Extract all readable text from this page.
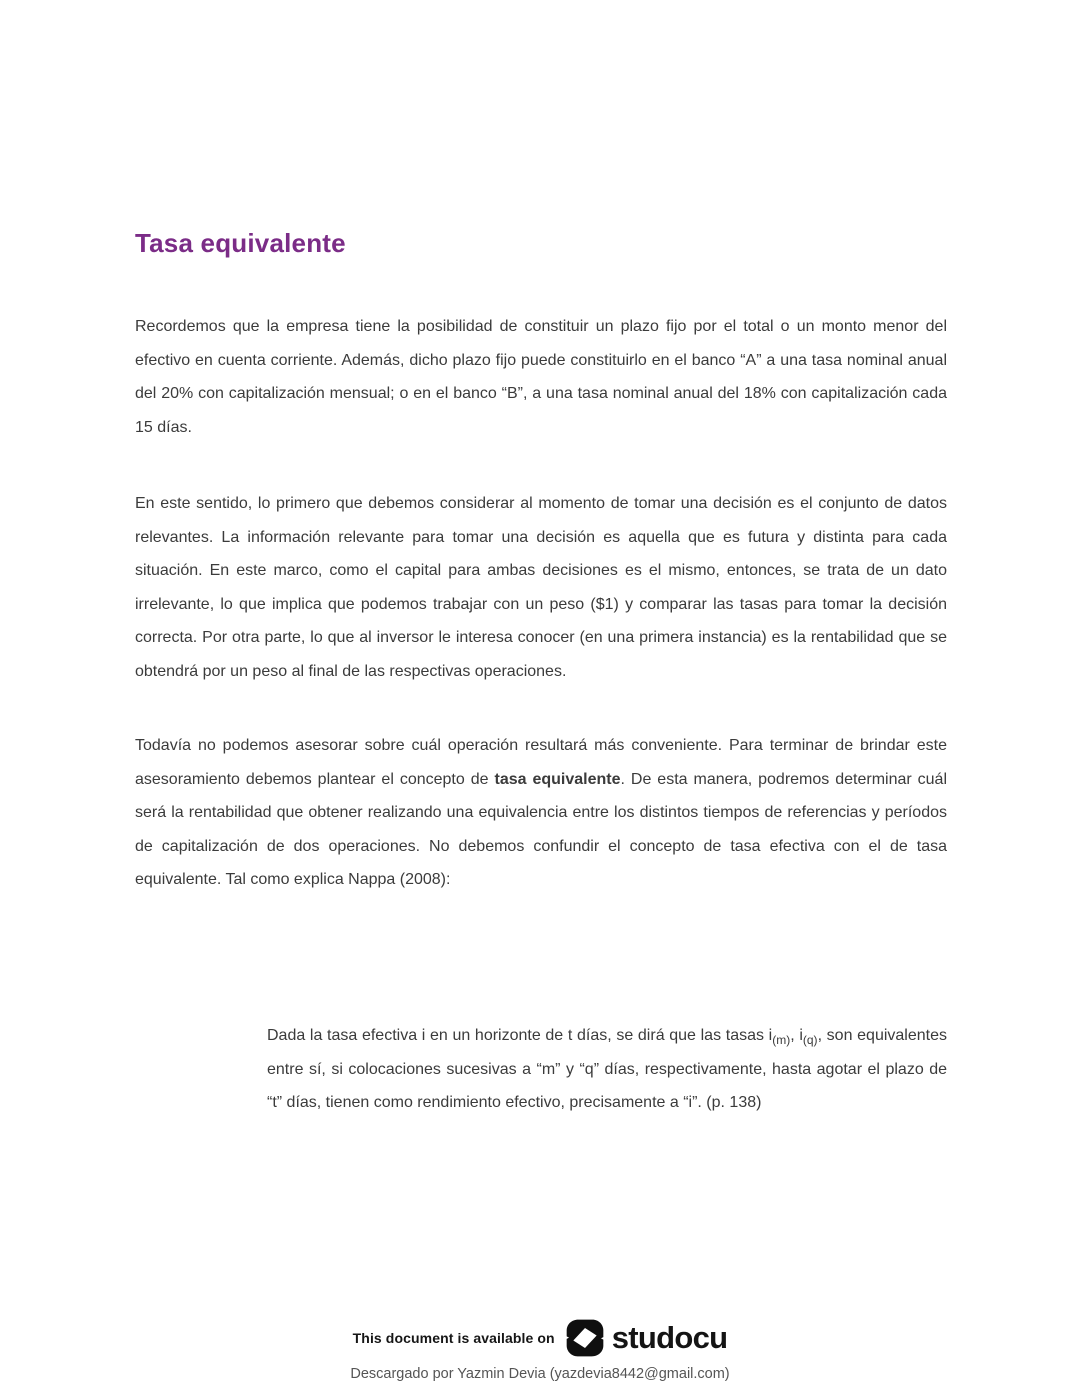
Tasa equivalente

Recordemos que la empresa tiene la posibilidad de constituir un plazo fijo por el total o un monto menor del efectivo en cuenta corriente. Además, dicho plazo fijo puede constituirlo en el banco “A” a una tasa nominal anual del 20% con capitalización mensual; o en el banco “B”, a una tasa nominal anual del 18% con capitalización cada 15 días.

En este sentido, lo primero que debemos considerar al momento de tomar una decisión es el conjunto de datos relevantes. La información relevante para tomar una decisión es aquella que es futura y distinta para cada situación. En este marco, como el capital para ambas decisiones es el mismo, entonces, se trata de un dato irrelevante, lo que implica que podemos trabajar con un peso ($1) y comparar las tasas para tomar la decisión correcta. Por otra parte, lo que al inversor le interesa conocer (en una primera instancia) es la rentabilidad que se obtendrá por un peso al final de las respectivas operaciones.

Todavía no podemos asesorar sobre cuál operación resultará más conveniente. Para terminar de brindar este asesoramiento debemos plantear el concepto de tasa equivalente. De esta manera, podremos determinar cuál será la rentabilidad que obtener realizando una equivalencia entre los distintos tiempos de referencias y períodos de capitalización de dos operaciones. No debemos confundir el concepto de tasa efectiva con el de tasa equivalente. Tal como explica Nappa (2008):

Dada la tasa efectiva i en un horizonte de t días, se dirá que las tasas $i_{(m)}$, $i_{(q)}$, son equivalentes entre sí, si colocaciones sucesivas a “m” y “q” días, respectivamente, hasta agotar el plazo de “t” días, tienen como rendimiento efectivo, precisamente a “i”. (p. 138)

This document is available on studocu
Descargado por Yazmin Devia (yazdevia8442@gmail.com)
